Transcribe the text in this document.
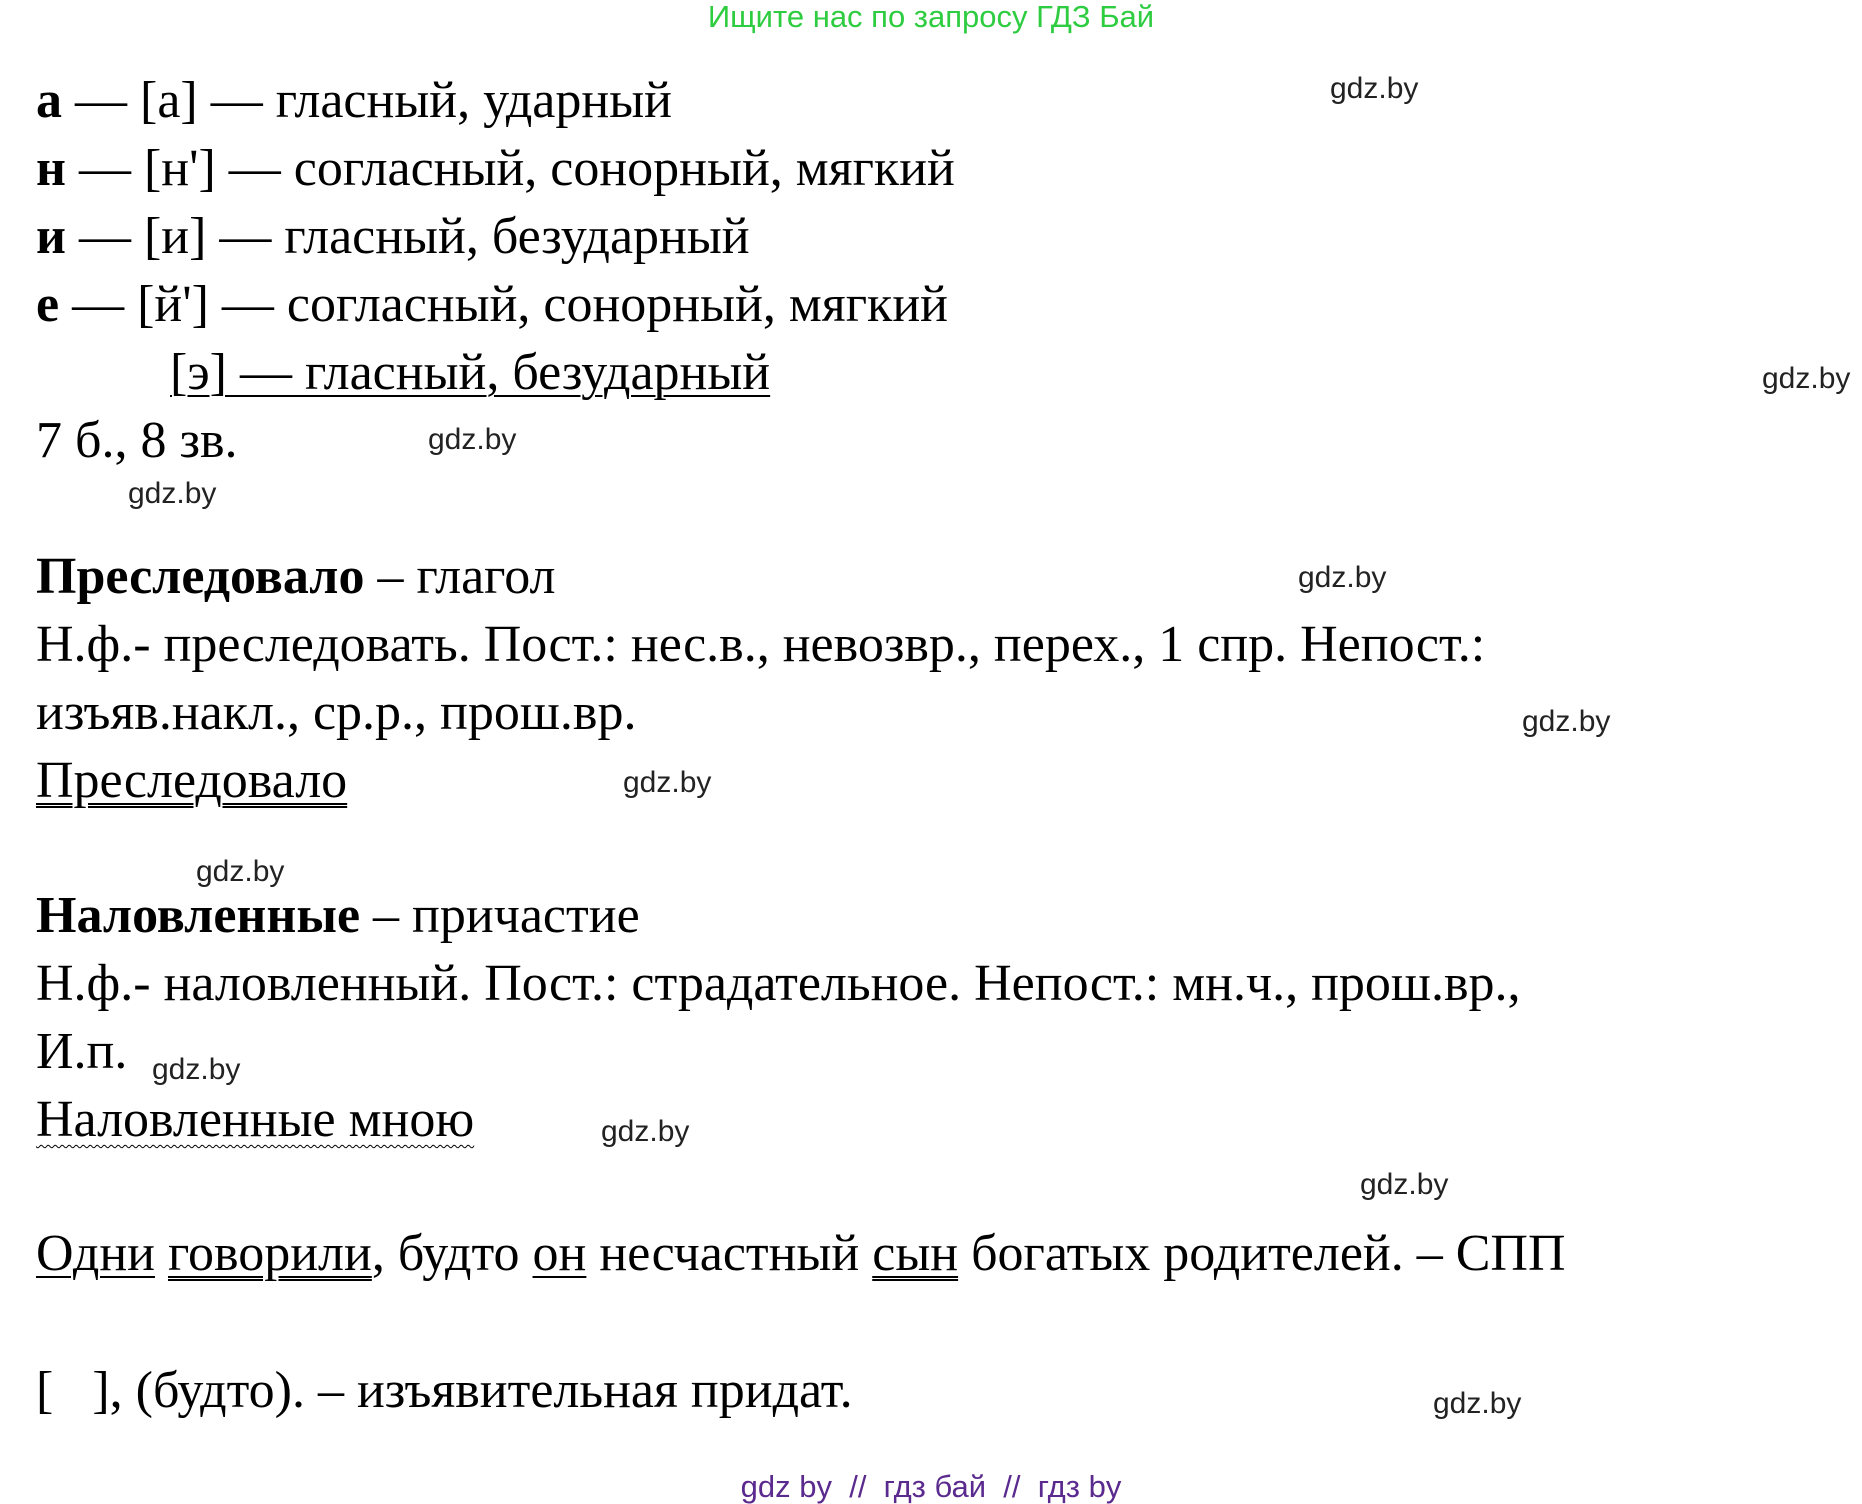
Ищите нас по запросу ГДЗ Бай
а — [а] — гласный, ударный
н — [н'] — согласный, сонорный, мягкий
и — [и] — гласный, безударный
е — [й'] — согласный, сонорный, мягкий
[э] — гласный, безударный
7 б., 8 зв.
Преследовало – глагол
Н.ф.- преследовать. Пост.: нес.в., невозвр., перех., 1 спр. Непост.:
изъяв.накл., ср.р., прош.вр.
Преследовало
Наловленные – причастие
Н.ф.- наловленный. Пост.: страдательное. Непост.: мн.ч., прош.вр.,
И.п.
Наловленные мною
Одни говорили, будто он несчастный сын богатых родителей. – СПП
[   ], (будто). – изъявительная придат.
gdz.by
gdz.by
gdz.by
gdz.by
gdz.by
gdz.by
gdz.by
gdz.by
gdz.by
gdz.by
gdz.by
gdz.by
gdz by  //  гдз бай  //  гдз by
